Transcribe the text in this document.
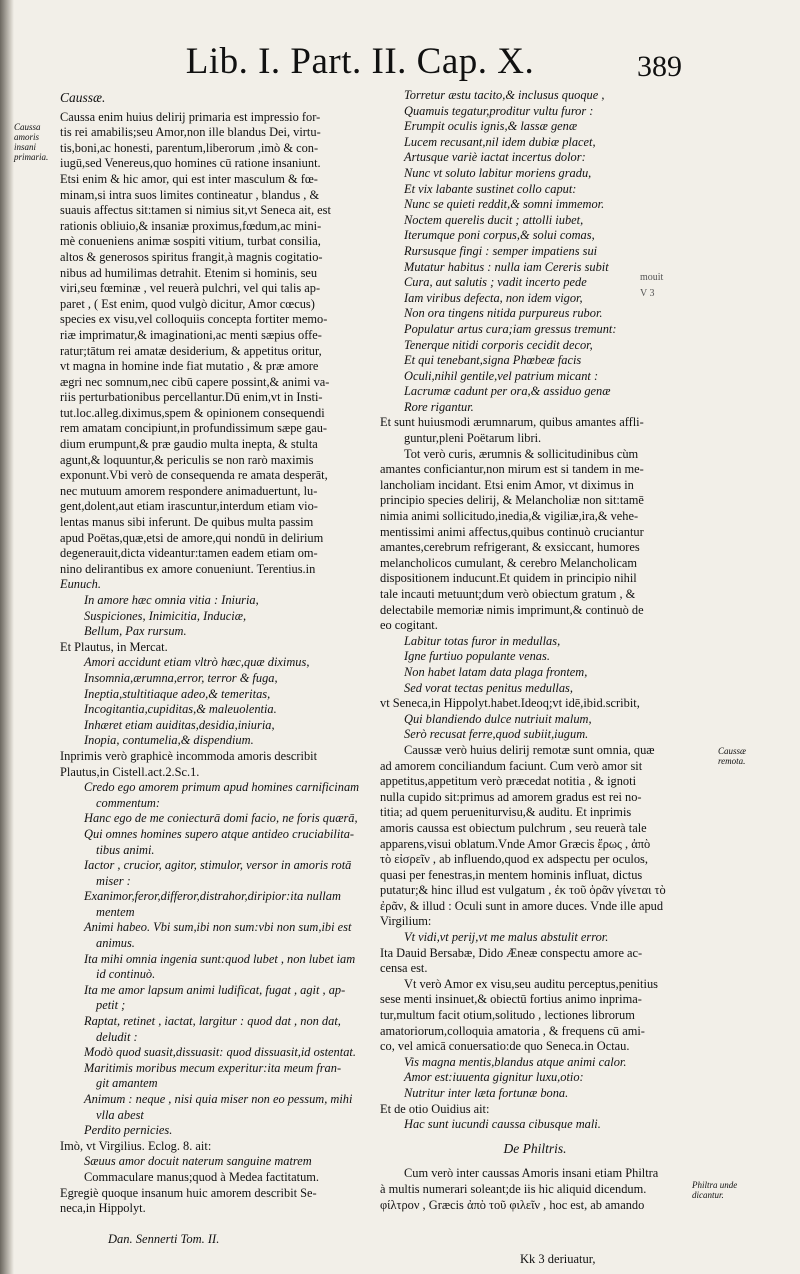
Lib. I. Part. II. Cap. X.	389
Caussa amoris insani primaria.
Caussæ remota.
Philtra unde dicantur.
mouit
V 3
Caussæ.
Caussa enim huius delirij primaria est impressio for-
tis rei amabilis;seu Amor,non ille blandus Dei, virtu-
tis,boni,ac honesti, parentum,liberorum ,imò & con-
iugū,sed Venereus,quo homines cū ratione insaniunt.
Etsi enim & hic amor, qui est inter masculum & fœ-
minam,si intra suos limites contineatur , blandus , &
suauis affectus sit:tamen si nimius sit,vt Seneca ait, est
rationis obliuio,& insaniæ proximus,fœdum,ac mini-
mè conueniens animæ sospiti vitium, turbat consilia,
altos & generosos spiritus frangit,à magnis cogitatio-
nibus ad humilimas detrahit. Etenim si hominis, seu
viri,seu fœminæ , vel reuerà pulchri, vel qui talis ap-
paret , ( Est enim, quod vulgò dicitur, Amor cœcus)
species ex visu,vel colloquiis concepta fortiter memo-
riæ imprimatur,& imaginationi,ac menti sæpius offe-
ratur;tātum rei amatæ desiderium, & appetitus oritur,
vt magna in homine inde fiat mutatio , & præ amore
ægri nec somnum,nec cibū capere possint,& animi va-
riis perturbationibus percellantur.Dū enim,vt in Insti-
tut.loc.alleg.diximus,spem & opinionem consequendi
rem amatam concipiunt,in profundissimum sæpe gau-
dium erumpunt,& præ gaudio multa inepta, & stulta
agunt,& loquuntur,& periculis se non rarò maximis
exponunt.Vbi verò de consequenda re amata desperāt,
nec mutuum amorem respondere animaduertunt, lu-
gent,dolent,aut etiam irascuntur,interdum etiam vio-
lentas manus sibi inferunt. De quibus multa passim
apud Poëtas,quæ,etsi de amore,qui nondū in delirium
degenerauit,dicta videantur:tamen eadem etiam om-
nino delirantibus ex amore conueniunt. Terentius.in
Eunuch.
In amore hæc omnia vitia : Iniuria,
Suspiciones, Inimicitia, Induciæ,
Bellum, Pax rursum.
Et Plautus, in Mercat.
Amori accidunt etiam vltrò hæc,quæ diximus,
Insomnia,ærumna,error, terror & fuga,
Ineptia,stultitiaque adeo,& temeritas,
Incogitantia,cupiditas,& maleuolentia.
Inhæret etiam auiditas,desidia,iniuria,
Inopia, contumelia,& dispendium.
Inprimis verò graphicè incommoda amoris describit
Plautus,in Cistell.act.2.Sc.1.
Credo ego amorem primum apud homines carnificinam
commentum:
Hanc ego de me coniecturā domi facio, ne foris quærā,
Qui omnes homines supero atque antideo cruciabilita-
tibus animi.
Iactor , crucior, agitor, stimulor, versor in amoris rotā
miser :
Exanimor,feror,differor,distrahor,diripior:ita nullam
mentem
Animi habeo. Vbi sum,ibi non sum:vbi non sum,ibi est
animus.
Ita mihi omnia ingenia sunt:quod lubet , non lubet iam
id continuò.
Ita me amor lapsum animi ludificat, fugat , agit , ap-
petit ;
Raptat, retinet , iactat, largitur : quod dat , non dat,
deludit :
Modò quod suasit,dissuasit: quod dissuasit,id ostentat.
Maritimis moribus mecum experitur:ita meum fran-
git amantem
Animum : neque , nisi quia miser non eo pessum, mihi
vlla abest
Perdito pernicies.
Imò, vt Virgilius. Eclog. 8. ait:
Sæuus amor docuit naterum sanguine matrem
Commaculare manus;quod à Medea factitatum.
Egregiè quoque insanum huic amorem describit Se-
neca,in Hippolyt.
Torretur æstu tacito,& inclusus quoque ,
Quamuis tegatur,proditur vultu furor :
Erumpit oculis ignis,& lassæ genæ
Lucem recusant,nil idem dubiæ placet,
Artusque variè iactat incertus dolor:
Nunc vt soluto labitur moriens gradu,
Et vix labante sustinet collo caput:
Nunc se quieti reddit,& somni immemor.
Noctem querelis ducit ; attolli iubet,
Iterumque poni corpus,& solui comas,
Rursusque fingi : semper impatiens sui
Mutatur habitus : nulla iam Cereris subit
Cura, aut salutis ; vadit incerto pede
Iam viribus defecta, non idem vigor,
Non ora tingens nitida purpureus rubor.
Populatur artus cura;iam gressus tremunt:
Tenerque nitidi corporis cecidit decor,
Et qui tenebant,signa Phœbeæ facis
Oculi,nihil gentile,vel patrium micant :
Lacrumæ cadunt per ora,& assiduo genæ
Rore rigantur.
Et sunt huiusmodi ærumnarum, quibus amantes affli-
guntur,pleni Poëtarum libri.
Tot verò curis, ærumnis & sollicitudinibus cùm
amantes conficiantur,non mirum est si tandem in me-
lancholiam incidant. Etsi enim Amor, vt diximus in
principio species delirij, & Melancholiæ non sit:tamē
nimia animi sollicitudo,inedia,& vigiliæ,ira,& vehe-
mentissimi animi affectus,quibus continuò cruciantur
amantes,cerebrum refrigerant, & exsiccant, humores
melancholicos cumulant, & cerebro Melancholicam
dispositionem inducunt.Et quidem in principio nihil
tale incauti metuunt;dum verò obiectum gratum , &
delectabile memoriæ nimis imprimunt,& continuò de
eo cogitant.
Labitur totas furor in medullas,
Igne furtiuo populante venas.
Non habet latam data plaga frontem,
Sed vorat tectas penitus medullas,
vt Seneca,in Hippolyt.habet.Ideoq;vt idē,ibid.scribit,
Qui blandiendo dulce nutriuit malum,
Serò recusat ferre,quod subiit,iugum.
Caussæ verò huius delirij remotæ sunt omnia, quæ
ad amorem conciliandum faciunt. Cum verò amor sit
appetitus,appetitum verò præcedat notitia , & ignoti
nulla cupido sit:primus ad amorem gradus est rei no-
titia; ad quem perueniturvisu,& auditu. Et inprimis
amoris caussa est obiectum pulchrum , seu reuerà tale
apparens,visui oblatum.Vnde Amor Græcis ἔρως , ἀπὸ
τὸ εἰσρεῖν , ab influendo,quod ex adspectu per oculos,
quasi per fenestras,in mentem hominis influat, dictus
putatur;& hinc illud est vulgatum , ἐκ τοῦ ὁρᾶν γίνεται τὸ
ἐρᾶν, & illud : Oculi sunt in amore duces. Vnde ille apud
Virgilium:
Vt vidi,vt perij,vt me malus abstulit error.
Ita Dauid Bersabæ, Dido Æneæ conspectu amore ac-
censa est.
Vt verò Amor ex visu,seu auditu perceptus,penitius
sese menti insinuet,& obiectū fortius animo inprima-
tur,multum facit otium,solitudo , lectiones librorum
amatoriorum,colloquia amatoria , & frequens cū ami-
co, vel amicā conuersatio:de quo Seneca.in Octau.
Vis magna mentis,blandus atque animi calor.
Amor est:iuuenta gignitur luxu,otio:
Nutritur inter læta fortunæ bona.
Et de otio Ouidius ait:
Hac sunt iucundi caussa cibusque mali.
De Philtris.
Cum verò inter caussas Amoris insani etiam Philtra
à multis numerari soleant;de iis hic aliquid dicendum.
φίλτρον , Græcis ἀπὸ τοῦ φιλεῖν , hoc est, ab amando
Dan. Sennerti Tom. II.
Kk 3 deriuatur,
